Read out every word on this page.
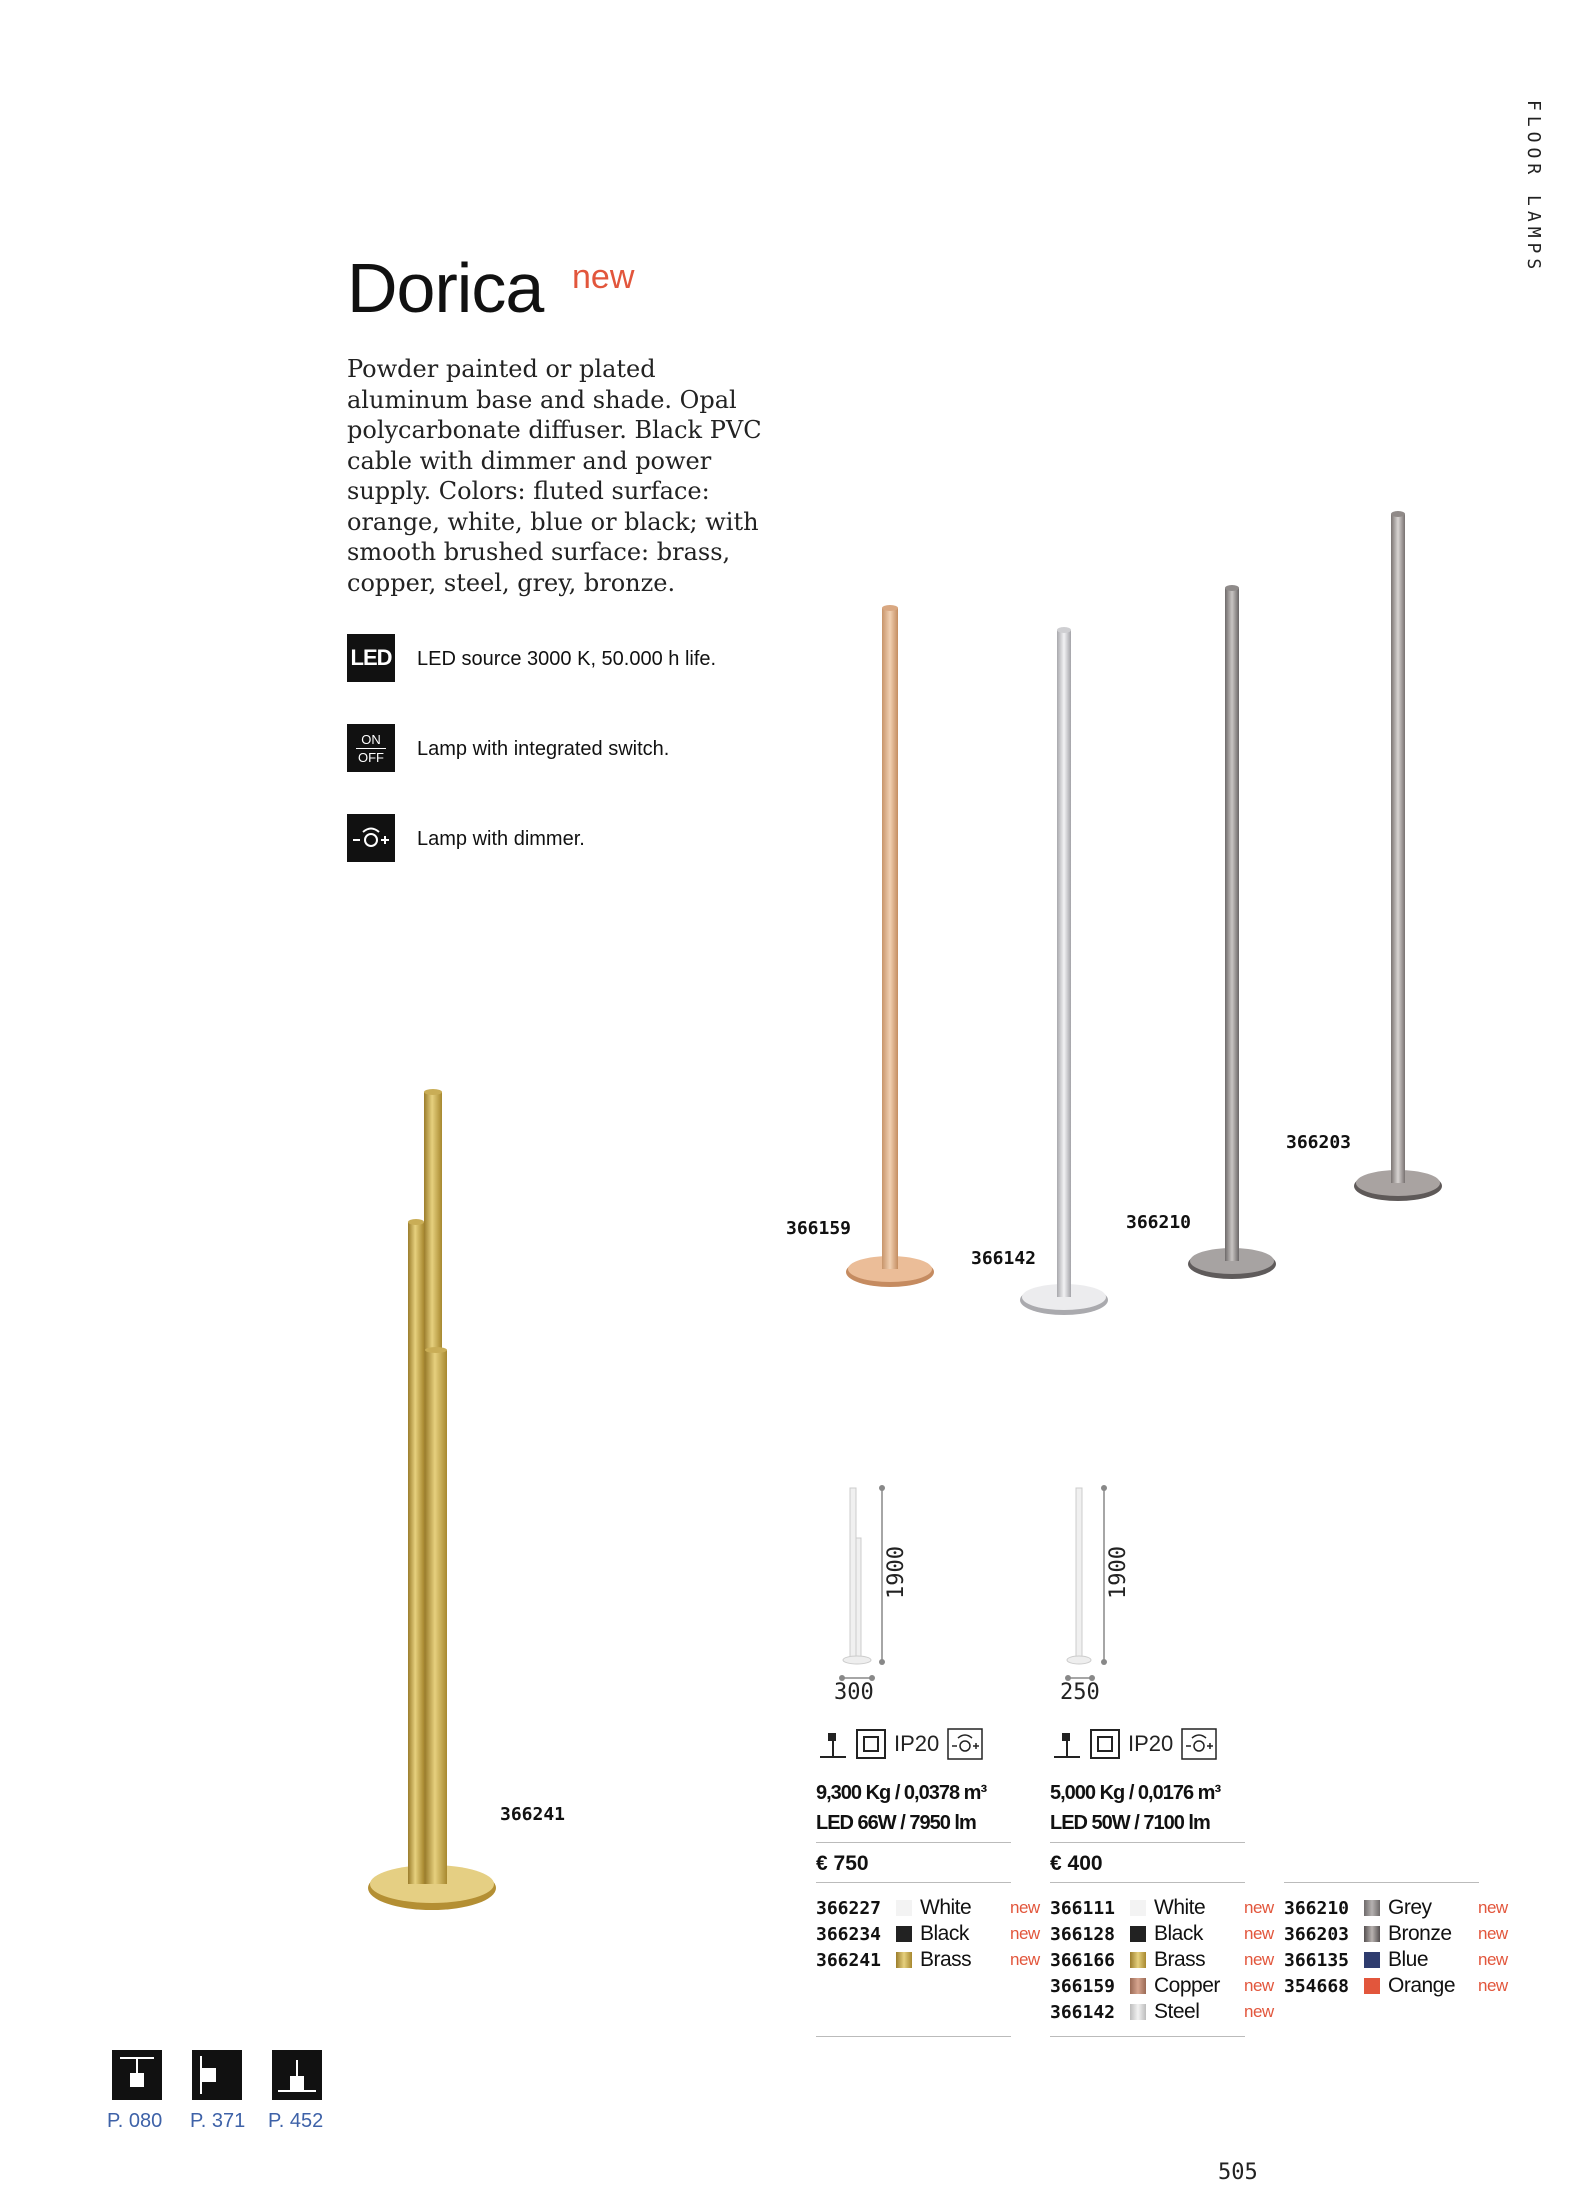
FLOOR LAMPS
Dorica new
Powder painted or plated aluminum base and shade. Opal polycarbonate diffuser. Black PVC cable with dimmer and power supply. Colors: fluted surface: orange, white, blue or black; with smooth brushed surface: brass, copper, steel, grey, bronze.
LED LED source 3000 K, 50.000 h life.
ON
OFF Lamp with integrated switch.
Lamp with dimmer.
366241
366159
366142
366210
366203
1900
300
1900
250
IP20	IP20
9,300 Kg / 0,0378 m³
LED 66W / 7950 lm
€ 750
5,000 Kg / 0,0176 m³
LED 50W / 7100 lm
€ 400
366227	White new
366234	Black new
366241	Brass new
366111	White new
366128	Black new
366166	Brass new
366159	Copper new
366142	Steel	new
366210	Grey	new
366203	Bronze new
366135	Blue	new
354668	Orange new
P. 080 P. 371 P. 452
505
